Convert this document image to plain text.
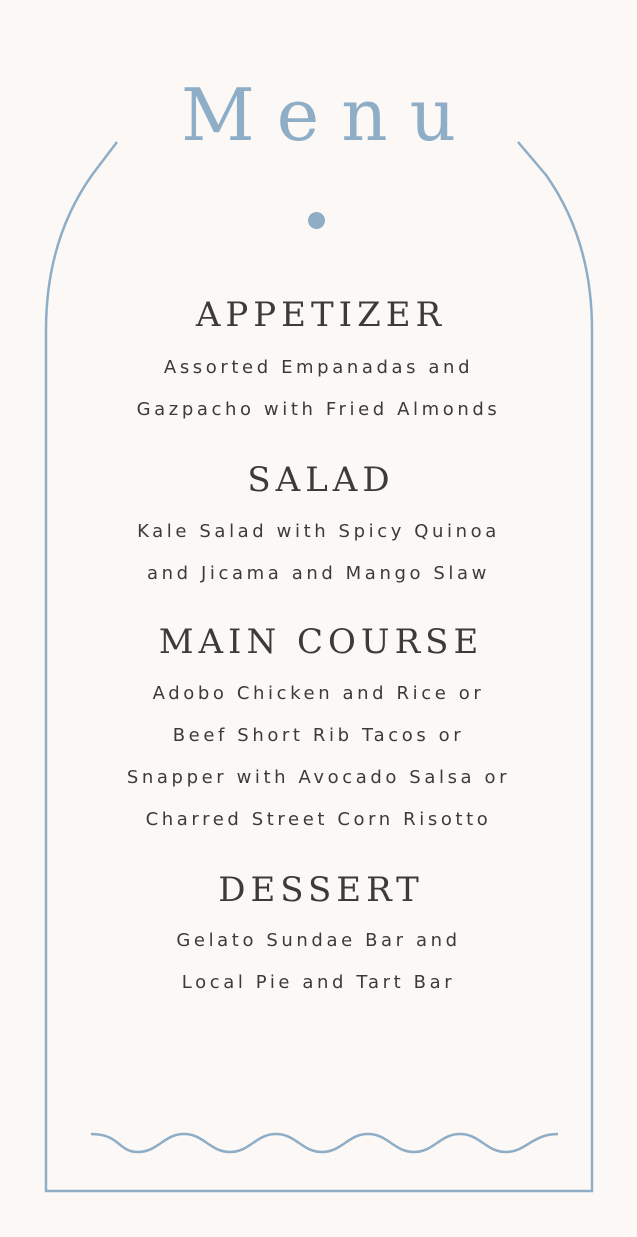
Menu
APPETIZER
Assorted Empanadas and
Gazpacho with Fried Almonds
SALAD
Kale Salad with Spicy Quinoa
and Jicama and Mango Slaw
MAIN COURSE
Adobo Chicken and Rice or
Beef Short Rib Tacos or
Snapper with Avocado Salsa or
Charred Street Corn Risotto
DESSERT
Gelato Sundae Bar and
Local Pie and Tart Bar
